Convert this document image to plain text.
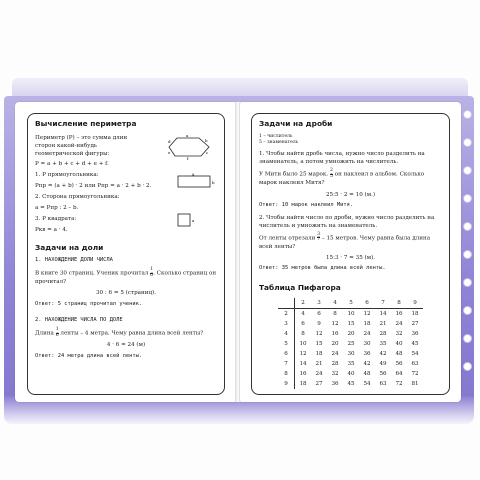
Вычисление периметра

Периметр (P) – это сумма длин сторон какой-нибудь геометрической фигуры:

a
b
c
f
e
d

P = a + b + c + d + e + f.

1. P прямоугольника:

Pпр = (a + b) · 2 или Pпр = a · 2 + b · 2.

a
b

2. Сторона прямоугольника:

a = Pпр : 2 – b.

3. P квадрата:

Pкв = a · 4.

a
Задачи на доли

1. НАХОЖДЕНИЕ ДОЛИ ЧИСЛА

В книге 30 страниц. Ученик прочитал $\frac{1}{6}$ . Сколько страниц он прочитал?

30 : 6 = 5 (страниц).

Ответ: 5 страниц прочитал ученик.

2. НАХОЖДЕНИЕ ЧИСЛА ПО ДОЛЕ

Длина $\frac{1}{6}$ ленты – 4 метра. Чему равна длина всей ленты?

4 · 6 = 24 (м)

Ответ: 24 метра длина всей ленты.

Задачи на дроби

1 – числитель

5 – знаменатель

1. Чтобы найти дробь числа, нужно число разделить на знаменатель, а потом умножить на числитель.

У Мити было 25 марок. $\frac{2}{5}$ он наклеил в альбом. Сколько марок наклеил Митя?

25:5 · 2 = 10 (м.)

Ответ: 10 марок наклеил Митя.

2. Чтобы найти число по дроби, нужно число разделить на числитель и умножить на знаменатель.

От ленты отрезали $\frac{3}{7} - 15$ метров. Чему равна была длина всей ленты?

15:3 · 7 = 35 (м).

Ответ: 35 метров была длина всей ленты.

Таблица Пифагора
	2	3	4	5	6	7	8	9
2	4	6	8	10	12	14	16	18
3	6	9	12	15	18	21	24	27
4	8	12	16	20	24	28	32	36
5	10	15	20	25	30	35	40	45
6	12	18	24	30	36	42	48	54
7	14	21	28	35	42	49	56	63
8	16	24	32	40	48	56	64	72
9	18	27	36	45	54	63	72	81
